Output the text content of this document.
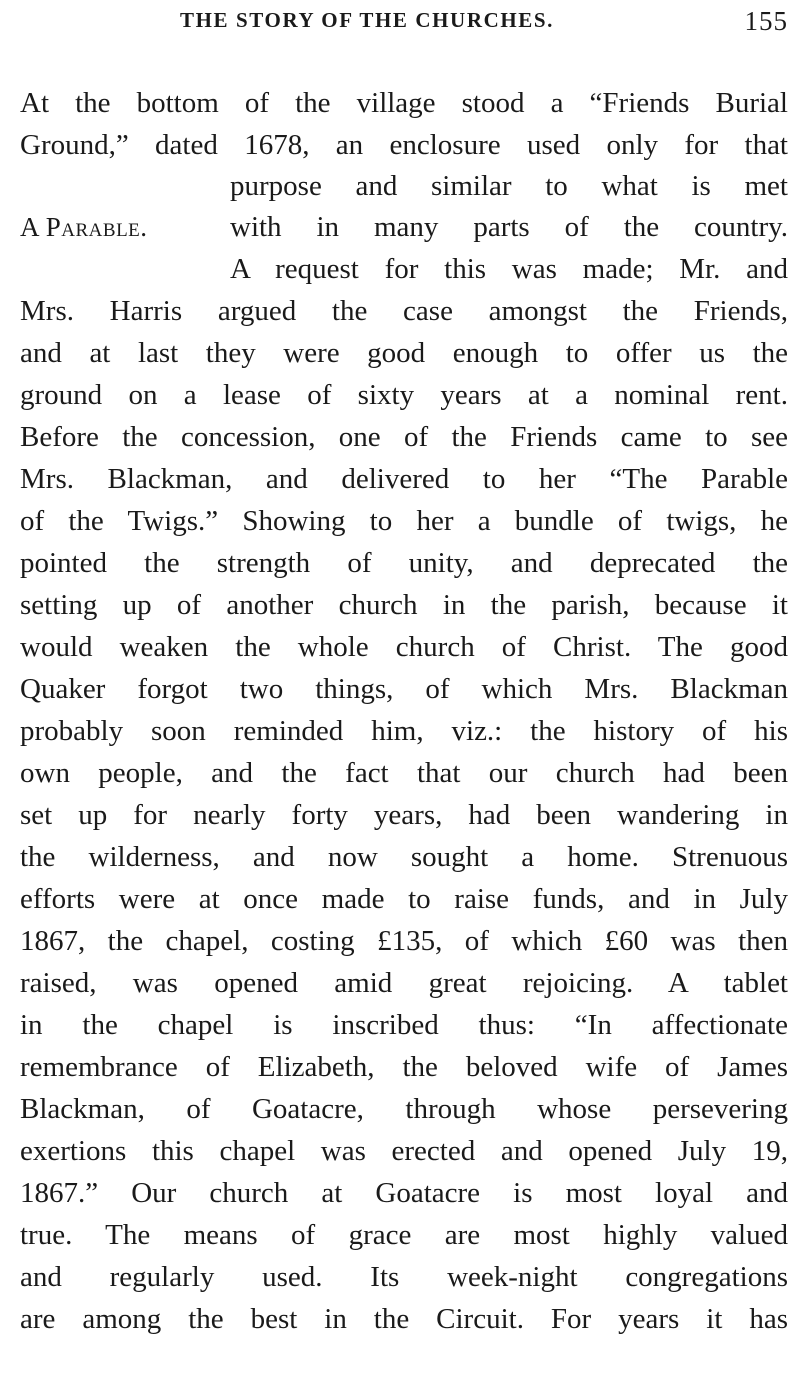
THE STORY OF THE CHURCHES.	155
A Parable.
At the bottom of the village stood a “Friends Burial
Ground,” dated 1678, an enclosure used only for that
purpose and similar to what is met
with in many parts of the country.
A request for this was made; Mr. and
Mrs. Harris argued the case amongst the Friends,
and at last they were good enough to offer us the
ground on a lease of sixty years at a nominal rent.
Before the concession, one of the Friends came to see
Mrs. Blackman, and delivered to her “The Parable
of the Twigs.” Showing to her a bundle of twigs, he
pointed the strength of unity, and deprecated the
setting up of another church in the parish, because it
would weaken the whole church of Christ. The good
Quaker forgot two things, of which Mrs. Blackman
probably soon reminded him, viz.: the history of his
own people, and the fact that our church had been
set up for nearly forty years, had been wandering in
the wilderness, and now sought a home. Strenuous
efforts were at once made to raise funds, and in July
1867, the chapel, costing £135, of which £60 was then
raised, was opened amid great rejoicing. A tablet
in the chapel is inscribed thus: “In affectionate
remembrance of Elizabeth, the beloved wife of James
Blackman, of Goatacre, through whose persevering
exertions this chapel was erected and opened July 19,
1867.” Our church at Goatacre is most loyal and
true. The means of grace are most highly valued
and regularly used. Its week-night congregations
are among the best in the Circuit. For years it has
